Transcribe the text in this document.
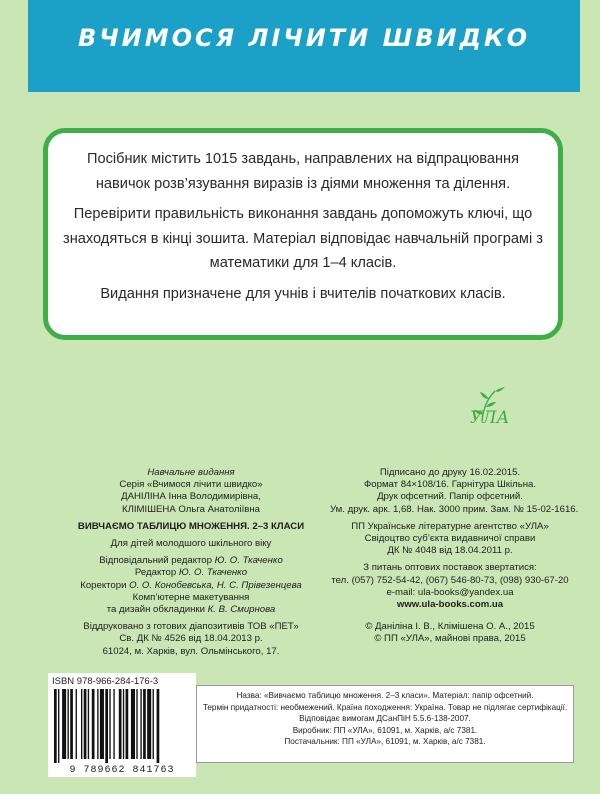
ВЧИМОСЯ ЛІЧИТИ ШВИДКО

Посібник містить 1015 завдань, направлених на відпрацювання навичок розв’язування виразів із діями множення та ділення.

Перевірити правильність виконання завдань допоможуть ключі, що знаходяться в кінці зошита. Матеріал відповідає навчальній програмі з математики для 1–4 класів.

Видання призначене для учнів і вчителів початкових класів.

УЛА
Навчальне видання
Серія «Вчимося лічити швидко»
ДАНІЛІНА Інна Володимирівна,
КЛІМІШЕНА Ольга Анатоліївна
ВИВЧАЄМО ТАБЛИЦЮ МНОЖЕННЯ. 2–3 КЛАСИ
Для дітей молодшого шкільного віку
Відповідальний редактор Ю. О. Ткаченко
Редактор Ю. О. Ткаченко
Коректори О. О. Конобевська, Н. С. Прівезенцева
Комп’ютерне макетування
та дизайн обкладинки К. В. Смирнова
Віддруковано з готових діапозитивів ТОВ «ПЕТ»
Св. ДК № 4526 від 18.04.2013 р.
61024, м. Харків, вул. Ольмінського, 17.
Підписано до друку 16.02.2015.
Формат 84×108/16. Гарнітура Шкільна.
Друк офсетний. Папір офсетний.
Ум. друк. арк. 1,68. Нак. 3000 прим. Зам. № 15-02-1616.
ПП Українське літературне агентство «УЛА»
Свідоцтво суб’єкта видавничої справи
ДК № 4048 від 18.04.2011 р.
З питань оптових поставок звертатися:
тел. (057) 752-54-42, (067) 546-80-73, (098) 930-67-20
e-mail: ula-books@yandex.ua
www.ula-books.com.ua
© Даніліна І. В., Клімішена О. А., 2015
© ПП «УЛА», майнові права, 2015
ISBN 978-966-284-176-3
9 789662 841763
Назва: «Вивчаємо таблицю множення. 2–3 класи». Матеріал: папір офсетний.
Термін придатності: необмежений. Країна походження: Україна. Товар не підлягає сертифікації.
Відповідає вимогам ДСанПіН 5.5.6-138-2007.
Виробник: ПП «УЛА», 61091, м. Харків, а/с 7381.
Постачальник: ПП «УЛА», 61091, м. Харків, а/с 7381.
